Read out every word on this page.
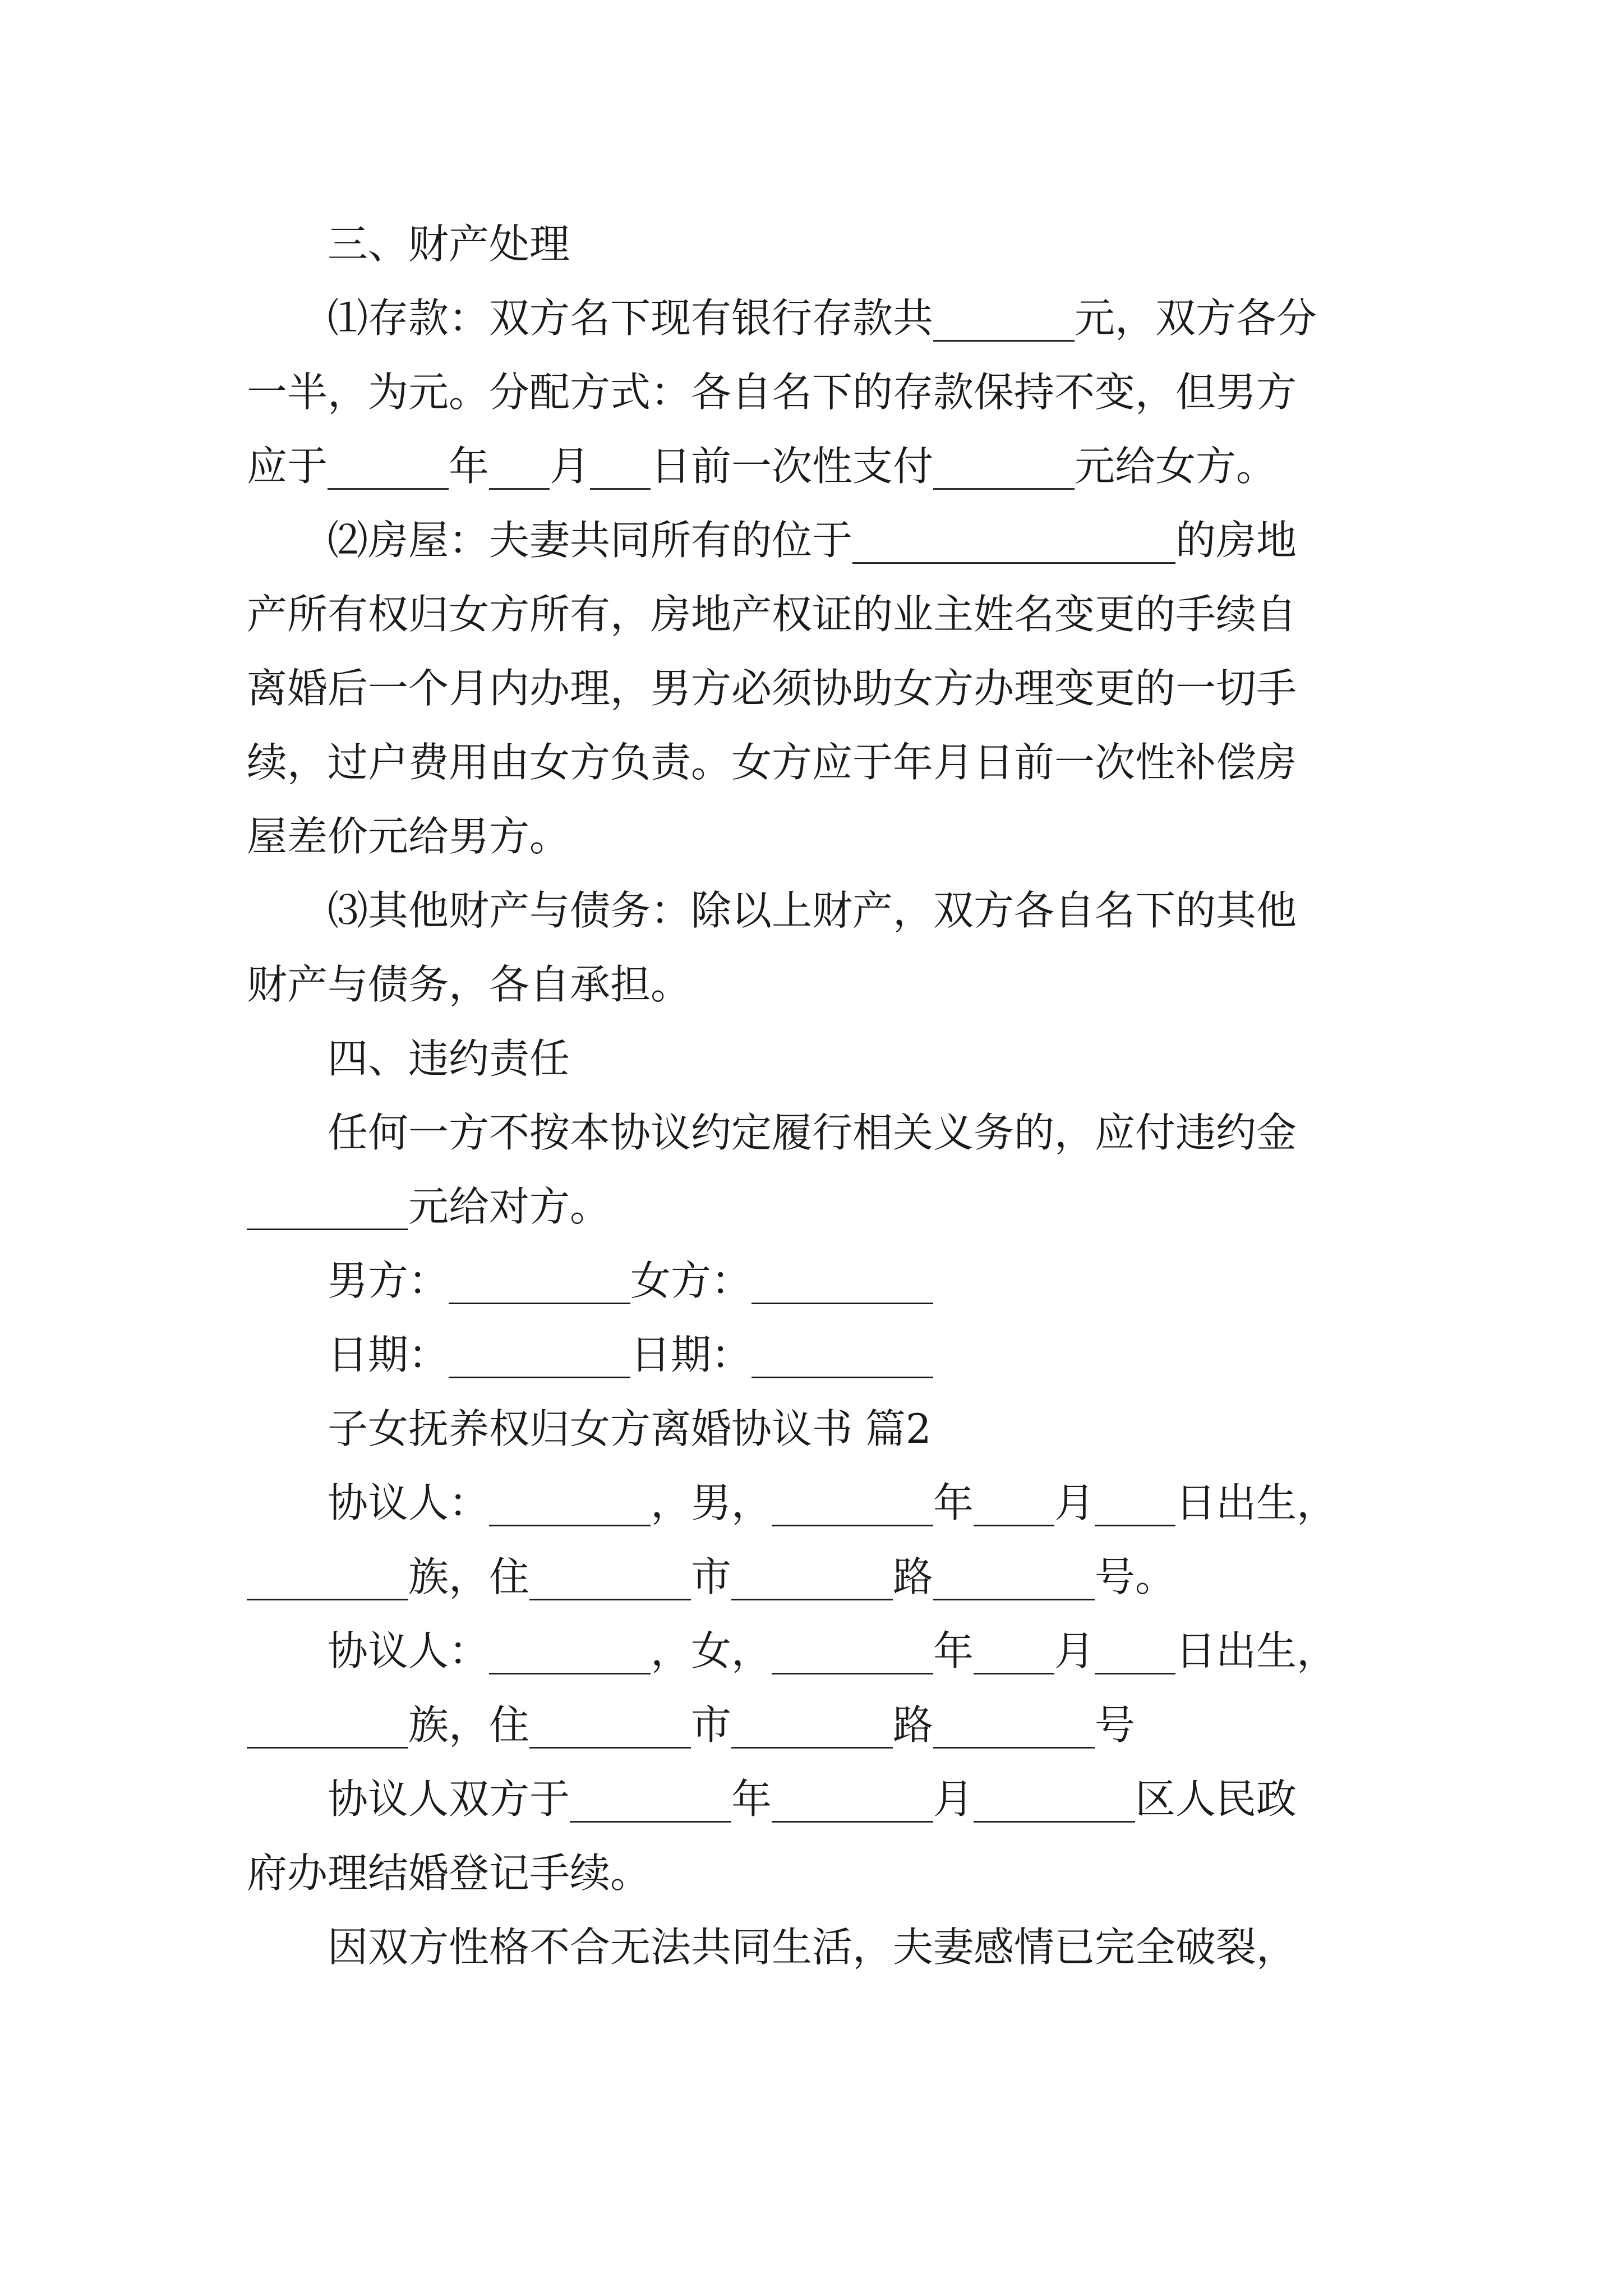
　　三、财产处理
　　⑴存款：双方名下现有银行存款共_______元，双方各分
一半，为元。分配方式：各自名下的存款保持不变，但男方
应于______年___月___日前一次性支付_______元给女方。
　　⑵房屋：夫妻共同所有的位于________________的房地
产所有权归女方所有，房地产权证的业主姓名变更的手续自
离婚后一个月内办理，男方必须协助女方办理变更的一切手
续，过户费用由女方负责。女方应于年月日前一次性补偿房
屋差价元给男方。
　　⑶其他财产与债务：除以上财产，双方各自名下的其他
财产与债务，各自承担。
　　四、违约责任
　　任何一方不按本协议约定履行相关义务的，应付违约金
________元给对方。
　　男方：_________女方：_________
　　日期：_________日期：_________
　　子女抚养权归女方离婚协议书 篇2
　　协议人：________，男，________年____月____日出生，
________族，住________市________路________号。
　　协议人：________，女，________年____月____日出生，
________族，住________市________路________号
　　协议人双方于________年________月________区人民政
府办理结婚登记手续。
　　因双方性格不合无法共同生活，夫妻感情已完全破裂，
